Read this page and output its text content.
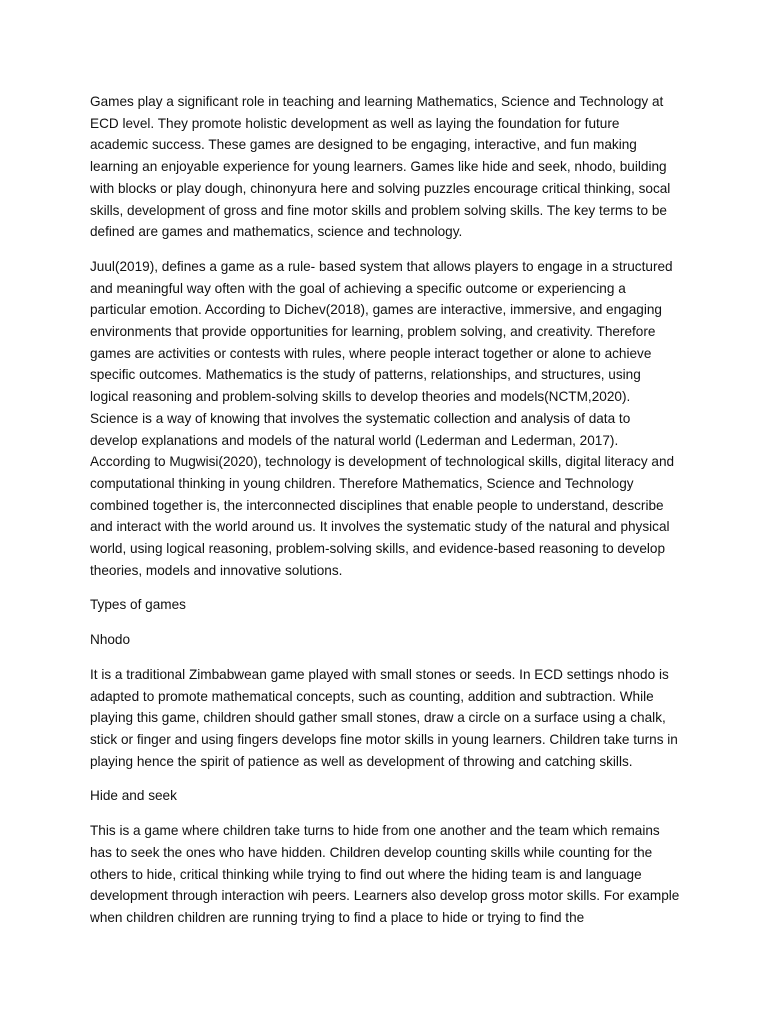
Games play a significant role in teaching and learning Mathematics, Science and Technology at ECD level. They promote holistic development as well as laying the foundation for future academic success. These games are designed to be engaging, interactive, and fun making learning an enjoyable experience for young learners. Games like hide and seek, nhodo, building with blocks or play dough, chinonyura here and solving puzzles encourage critical thinking, socal skills, development of gross and fine motor skills and problem solving skills. The key terms to be defined are games and mathematics, science and technology.

Juul(2019), defines a game as a rule- based system that allows players to engage in a structured and meaningful way often with the goal of achieving a specific outcome or experiencing a particular emotion. According to Dichev(2018), games are interactive, immersive, and engaging environments that provide opportunities for learning, problem solving, and creativity. Therefore games are activities or contests with rules, where people interact together or alone to achieve specific outcomes. Mathematics is the study of patterns, relationships, and structures, using logical reasoning and problem-solving skills to develop theories and models(NCTM,2020). Science is a way of knowing that involves the systematic collection and analysis of data to develop explanations and models of the natural world (Lederman and Lederman, 2017). According to Mugwisi(2020), technology is development of technological skills, digital literacy and computational thinking in young children. Therefore Mathematics, Science and Technology combined together is, the interconnected disciplines that enable people to understand, describe and interact with the world around us. It involves the systematic study of the natural and physical world, using logical reasoning, problem-solving skills, and evidence-based reasoning to develop theories, models and innovative solutions.

Types of games

Nhodo

It is a traditional Zimbabwean game played with small stones or seeds. In ECD settings nhodo is adapted to promote mathematical concepts, such as counting, addition and subtraction. While playing this game, children should gather small stones, draw a circle on a surface using a chalk, stick or finger and using fingers develops fine motor skills in young learners. Children take turns in playing hence the spirit of patience as well as development of throwing and catching skills.

Hide and seek

This is a game where children take turns to hide from one another and the team which remains has to seek the ones who have hidden. Children develop counting skills while counting for the others to hide, critical thinking while trying to find out where the hiding team is and language development through interaction wih peers. Learners also develop gross motor skills. For example when children children are running trying to find a place to hide or trying to find the
